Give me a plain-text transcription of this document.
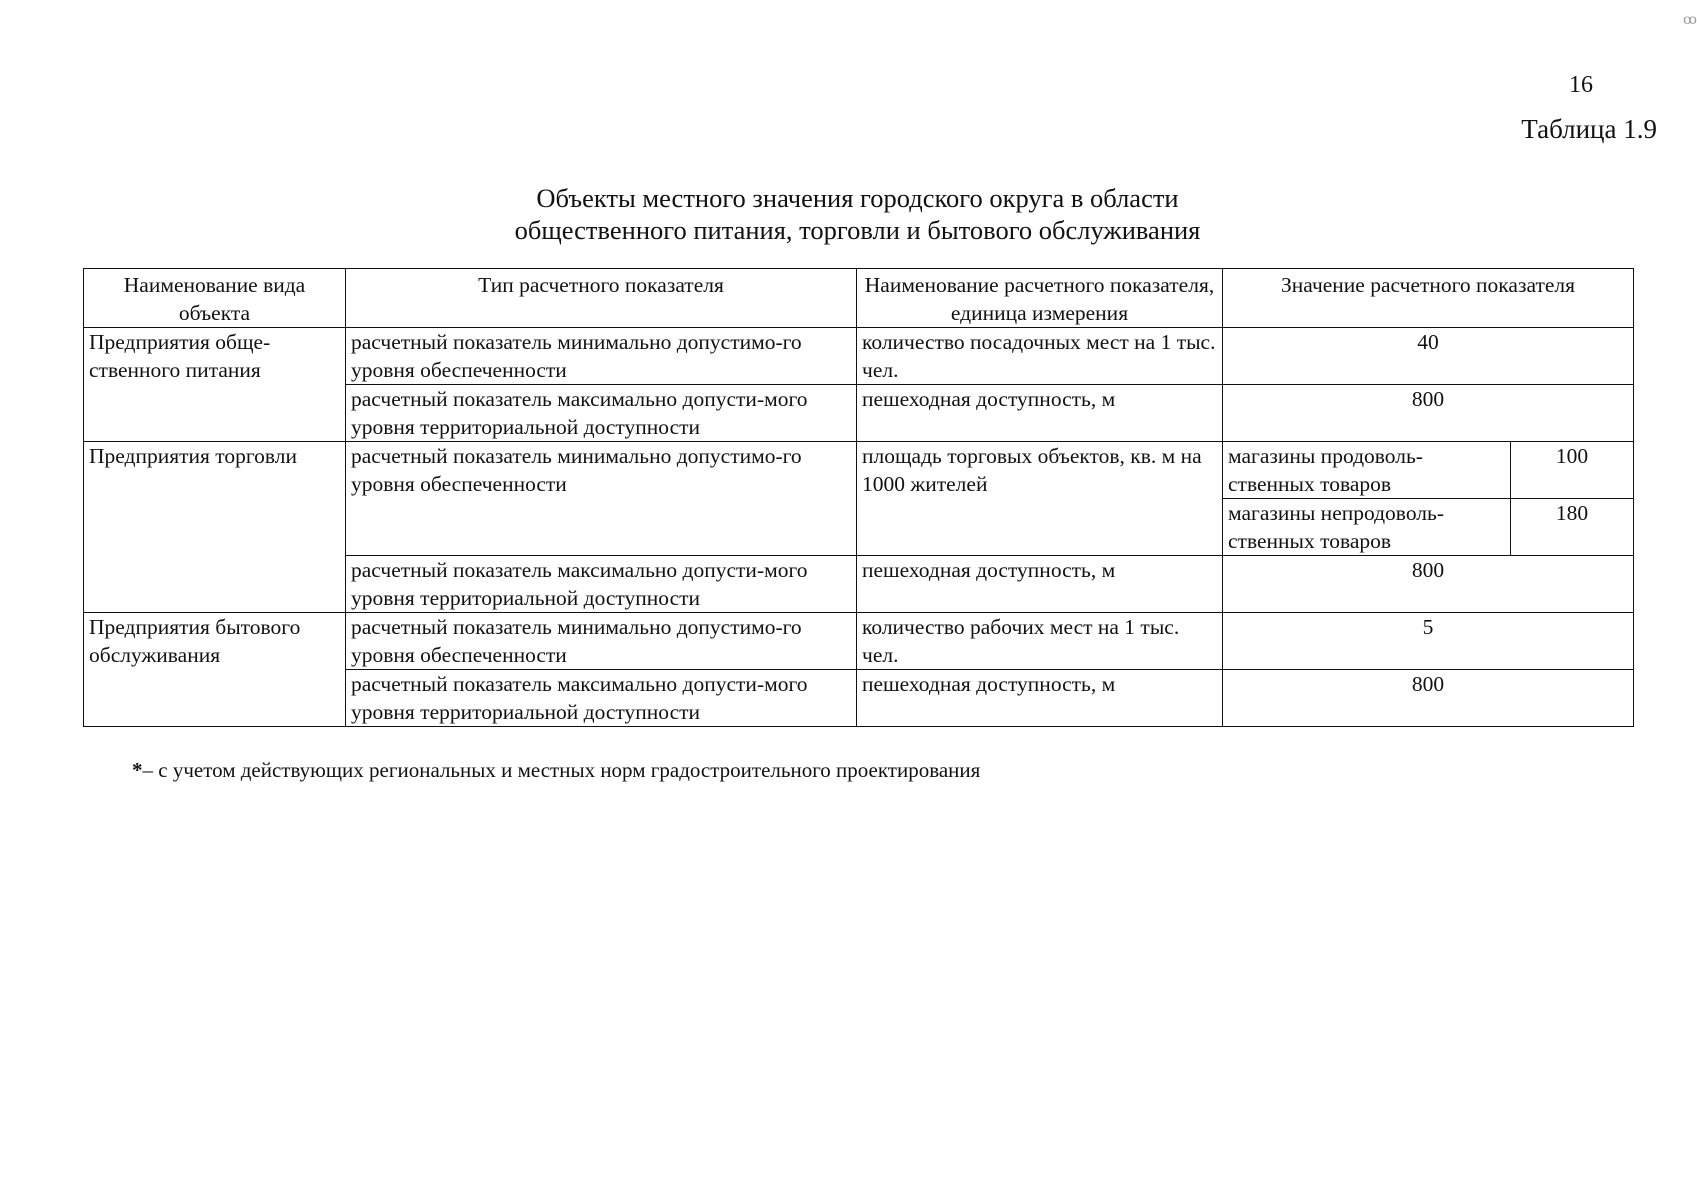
ꝏ
16
Таблица 1.9
Объекты местного значения городского округа в области
общественного питания, торговли и бытового обслуживания
Наименование вида объекта	Тип расчетного показателя	Наименование расчетного показателя, единица измерения	Значение расчетного показателя	
Предприятия обще-ственного питания	расчетный показатель минимально допустимо-го уровня обеспеченности	количество посадочных мест на 1 тыс. чел.	40	
	расчетный показатель максимально допусти-мого уровня территориальной доступности	пешеходная доступность, м	800	
Предприятия торговли	расчетный показатель минимально допустимо-го уровня обеспеченности	площадь торговых объектов, кв. м на 1000 жителей	магазины продоволь-ственных товаров	100
			магазины непродоволь-ственных товаров	180
	расчетный показатель максимально допусти-мого уровня территориальной доступности	пешеходная доступность, м	800	
Предприятия бытового обслуживания	расчетный показатель минимально допустимо-го уровня обеспеченности	количество рабочих мест на 1 тыс. чел.	5	
	расчетный показатель максимально допусти-мого уровня территориальной доступности	пешеходная доступность, м	800	
*– с учетом действующих региональных и местных норм градостроительного проектирования
